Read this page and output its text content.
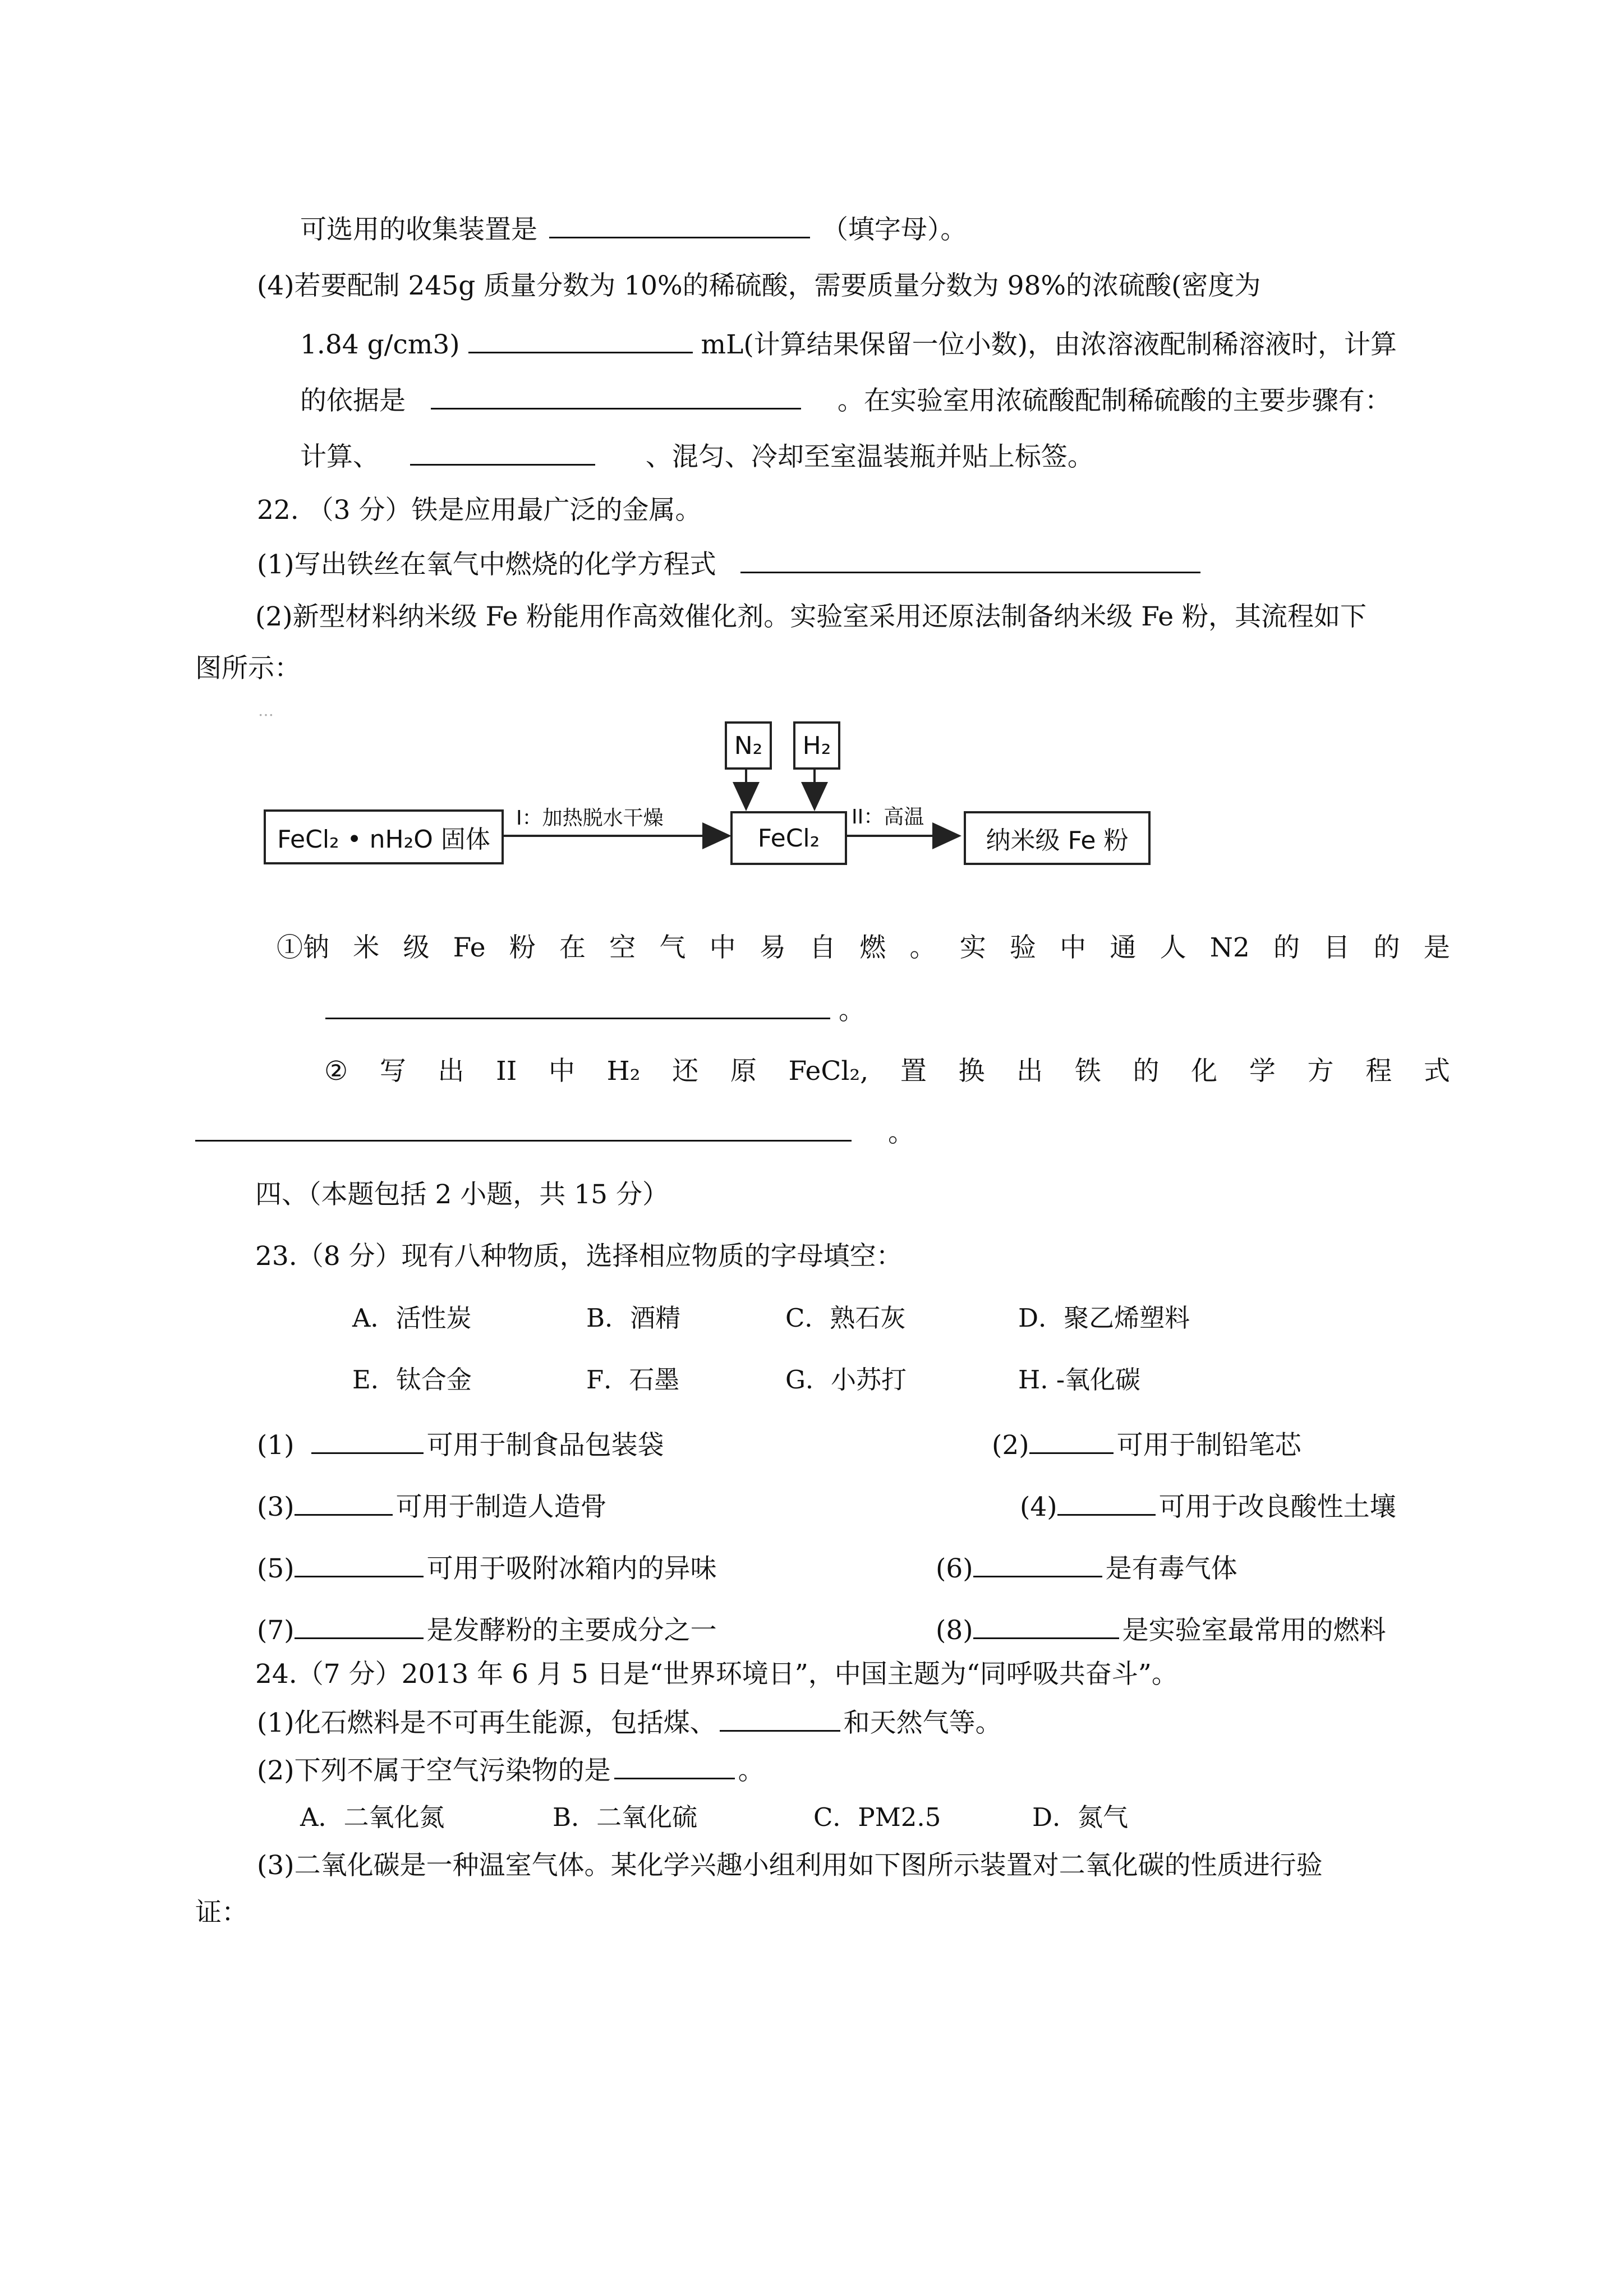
可选用的收集装置是	（填字母）。
(4)若要配制 245g 质量分数为 10%的稀硫酸，需要质量分数为 98%的浓硫酸(密度为
1.84 g/cm3)	mL(计算结果保留一位小数)，由浓溶液配制稀溶液时，计算
的依据是	。在实验室用浓硫酸配制稀硫酸的主要步骤有：
计算、	、混匀、冷却至室温装瓶并贴上标签。
22. （3 分）铁是应用最广泛的金属。
(1)写出铁丝在氧气中燃烧的化学方程式
(2)新型材料纳米级 Fe 粉能用作高效催化剂。实验室采用还原法制备纳米级 Fe 粉，其流程如下
图所示：
…
FeCl₂ • nH₂O 固体
I：加热脱水干燥
FeCl₂
N₂	H₂
II：高温
纳米级 Fe 粉
①钠 米 级 Fe 粉 在 空 气 中 易 自 燃 。 实 验 中 通 人 N2 的 目 的 是
。
② 写 出 II 中 H₂ 还 原 FeCl₂, 置 换 出 铁 的 化 学 方 程 式
。
四、（本题包括 2 小题，共 15 分）
23.（8 分）现有八种物质，选择相应物质的字母填空：
A．活性炭	B．酒精	C．熟石灰	D．聚乙烯塑料
E．钛合金	F．石墨	G．小苏打	H. -氧化碳
(1)	可用于制食品包装袋	(2)	可用于制铅笔芯
(3)	可用于制造人造骨	(4)	可用于改良酸性土壤
(5)	可用于吸附冰箱内的异味	(6)	是有毒气体
(7)	是发酵粉的主要成分之一	(8)	是实验室最常用的燃料
24.（7 分）2013 年 6 月 5 日是“世界环境日”，中国主题为“同呼吸共奋斗”。
(1)化石燃料是不可再生能源，包括煤、	和天然气等。
(2)下列不属于空气污染物的是	。
A．二氧化氮	B．二氧化硫	C．PM2.5	D．氮气
(3)二氧化碳是一种温室气体。某化学兴趣小组利用如下图所示装置对二氧化碳的性质进行验
证：
